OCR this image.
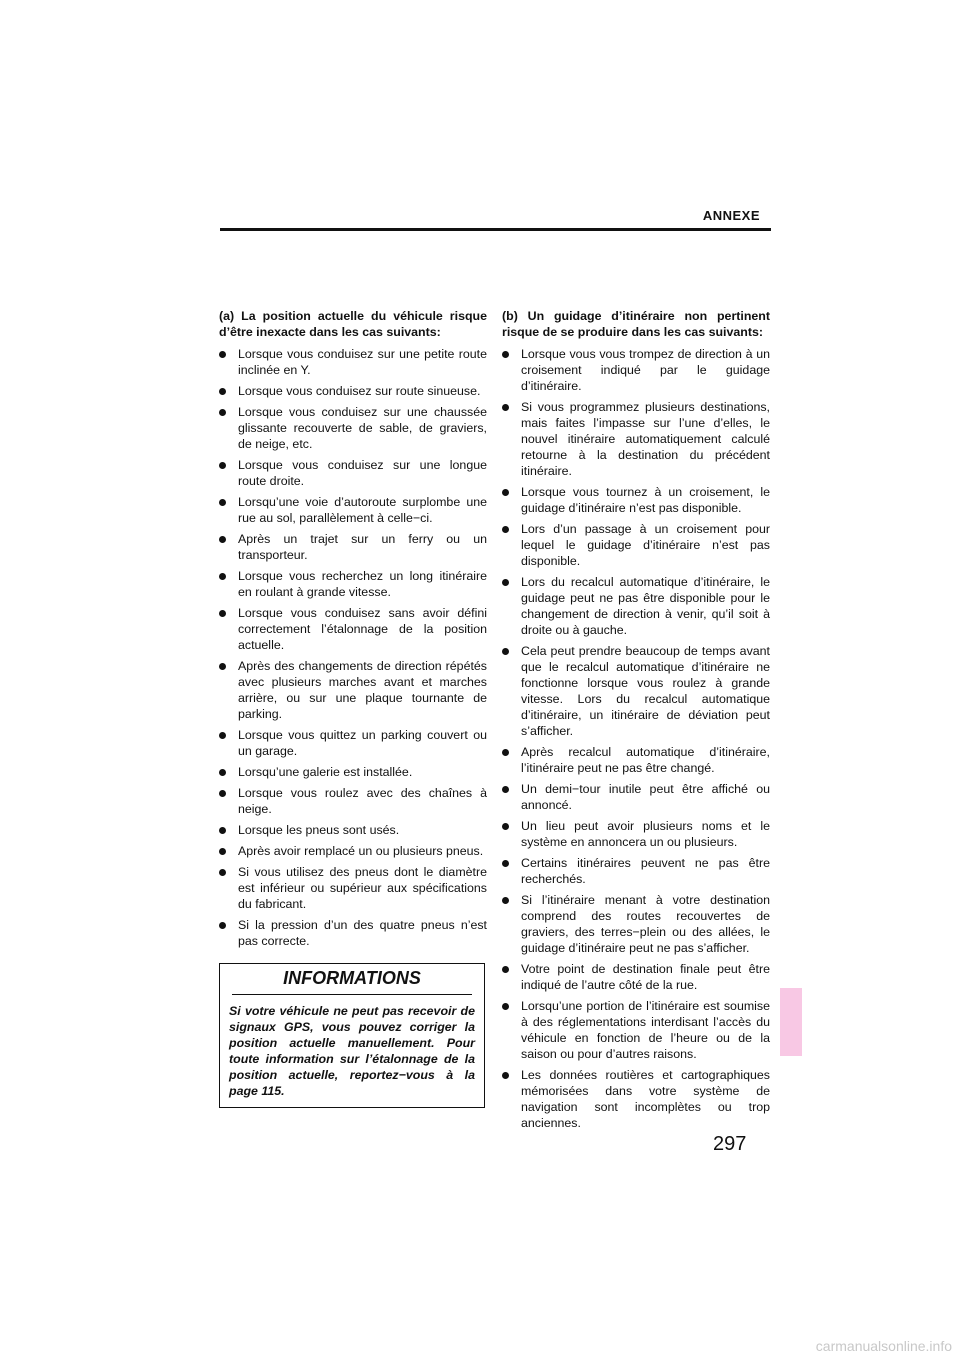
ANNEXE
(a) La position actuelle du véhicule risque d’être inexacte dans les cas suivants:
Lorsque vous conduisez sur une petite route inclinée en Y.
Lorsque vous conduisez sur route sinueuse.
Lorsque vous conduisez sur une chaussée glissante recouverte de sable, de graviers, de neige, etc.
Lorsque vous conduisez sur une longue route droite.
Lorsqu’une voie d’autoroute surplombe une rue au sol, parallèlement à celle−ci.
Après un trajet sur un ferry ou un transporteur.
Lorsque vous recherchez un long itinéraire en roulant à grande vitesse.
Lorsque vous conduisez sans avoir défini correctement l’étalonnage de la position actuelle.
Après des changements de direction répétés avec plusieurs marches avant et marches arrière, ou sur une plaque tournante de parking.
Lorsque vous quittez un parking couvert ou un garage.
Lorsqu’une galerie est installée.
Lorsque vous roulez avec des chaînes à neige.
Lorsque les pneus sont usés.
Après avoir remplacé un ou plusieurs pneus.
Si vous utilisez des pneus dont le diamètre est inférieur ou supérieur aux spécifications du fabricant.
Si la pression d’un des quatre pneus n’est pas correcte.
INFORMATIONS
Si votre véhicule ne peut pas recevoir de signaux GPS, vous pouvez corriger la position actuelle manuellement. Pour toute information sur l’étalonnage de la position actuelle, reportez−vous à la page 115.
(b) Un guidage d’itinéraire non pertinent risque de se produire dans les cas suivants:
Lorsque vous vous trompez de direction à un croisement indiqué par le guidage d’itinéraire.
Si vous programmez plusieurs destinations, mais faites l’impasse sur l’une d’elles, le nouvel itinéraire automatiquement calculé retourne à la destination du précédent itinéraire.
Lorsque vous tournez à un croisement, le guidage d’itinéraire n’est pas disponible.
Lors d’un passage à un croisement pour lequel le guidage d’itinéraire n’est pas disponible.
Lors du recalcul automatique d’itinéraire, le guidage peut ne pas être disponible pour le changement de direction à venir, qu’il soit à droite ou à gauche.
Cela peut prendre beaucoup de temps avant que le recalcul automatique d’itinéraire ne fonctionne lorsque vous roulez à grande vitesse. Lors du recalcul automatique d’itinéraire, un itinéraire de déviation peut s’afficher.
Après recalcul automatique d’itinéraire, l’itinéraire peut ne pas être changé.
Un demi−tour inutile peut être affiché ou annoncé.
Un lieu peut avoir plusieurs noms et le système en annoncera un ou plusieurs.
Certains itinéraires peuvent ne pas être recherchés.
Si l’itinéraire menant à votre destination comprend des routes recouvertes de graviers, des terres−plein ou des allées, le guidage d’itinéraire peut ne pas s’afficher.
Votre point de destination finale peut être indiqué de l’autre côté de la rue.
Lorsqu’une portion de l’itinéraire est soumise à des réglementations interdisant l’accès du véhicule en fonction de l’heure ou de la saison ou pour d’autres raisons.
Les données routières et cartographiques mémorisées dans votre système de navigation sont incomplètes ou trop anciennes.
297
carmanualsonline.info
